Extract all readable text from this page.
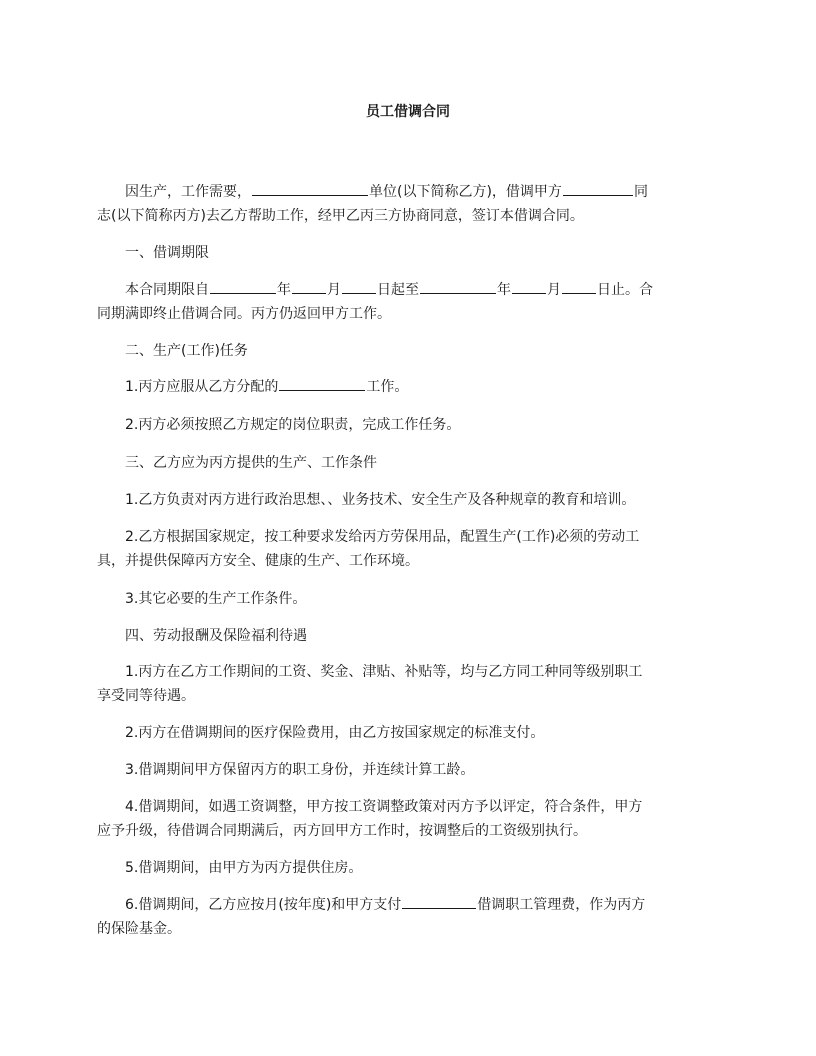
员工借调合同
因生产，工作需要，	单位(以下简称乙方)，借调甲方	同
志(以下简称丙方)去乙方帮助工作，经甲乙丙三方协商同意，签订本借调合同。
一、借调期限
本合同期限自	年	月	日起至	年	月	日止。合
同期满即终止借调合同。丙方仍返回甲方工作。
二、生产(工作)任务
1.丙方应服从乙方分配的	工作。
2.丙方必须按照乙方规定的岗位职责，完成工作任务。
三、乙方应为丙方提供的生产、工作条件
1.乙方负责对丙方进行政治思想、、业务技术、安全生产及各种规章的教育和培训。
2.乙方根据国家规定，按工种要求发给丙方劳保用品，配置生产(工作)必须的劳动工
具，并提供保障丙方安全、健康的生产、工作环境。
3.其它必要的生产工作条件。
四、劳动报酬及保险福利待遇
1.丙方在乙方工作期间的工资、奖金、津贴、补贴等，均与乙方同工种同等级别职工
享受同等待遇。
2.丙方在借调期间的医疗保险费用，由乙方按国家规定的标准支付。
3.借调期间甲方保留丙方的职工身份，并连续计算工龄。
4.借调期间，如遇工资调整，甲方按工资调整政策对丙方予以评定，符合条件，甲方
应予升级，待借调合同期满后，丙方回甲方工作时，按调整后的工资级别执行。
5.借调期间，由甲方为丙方提供住房。
6.借调期间，乙方应按月(按年度)和甲方支付	借调职工管理费，作为丙方
的保险基金。
